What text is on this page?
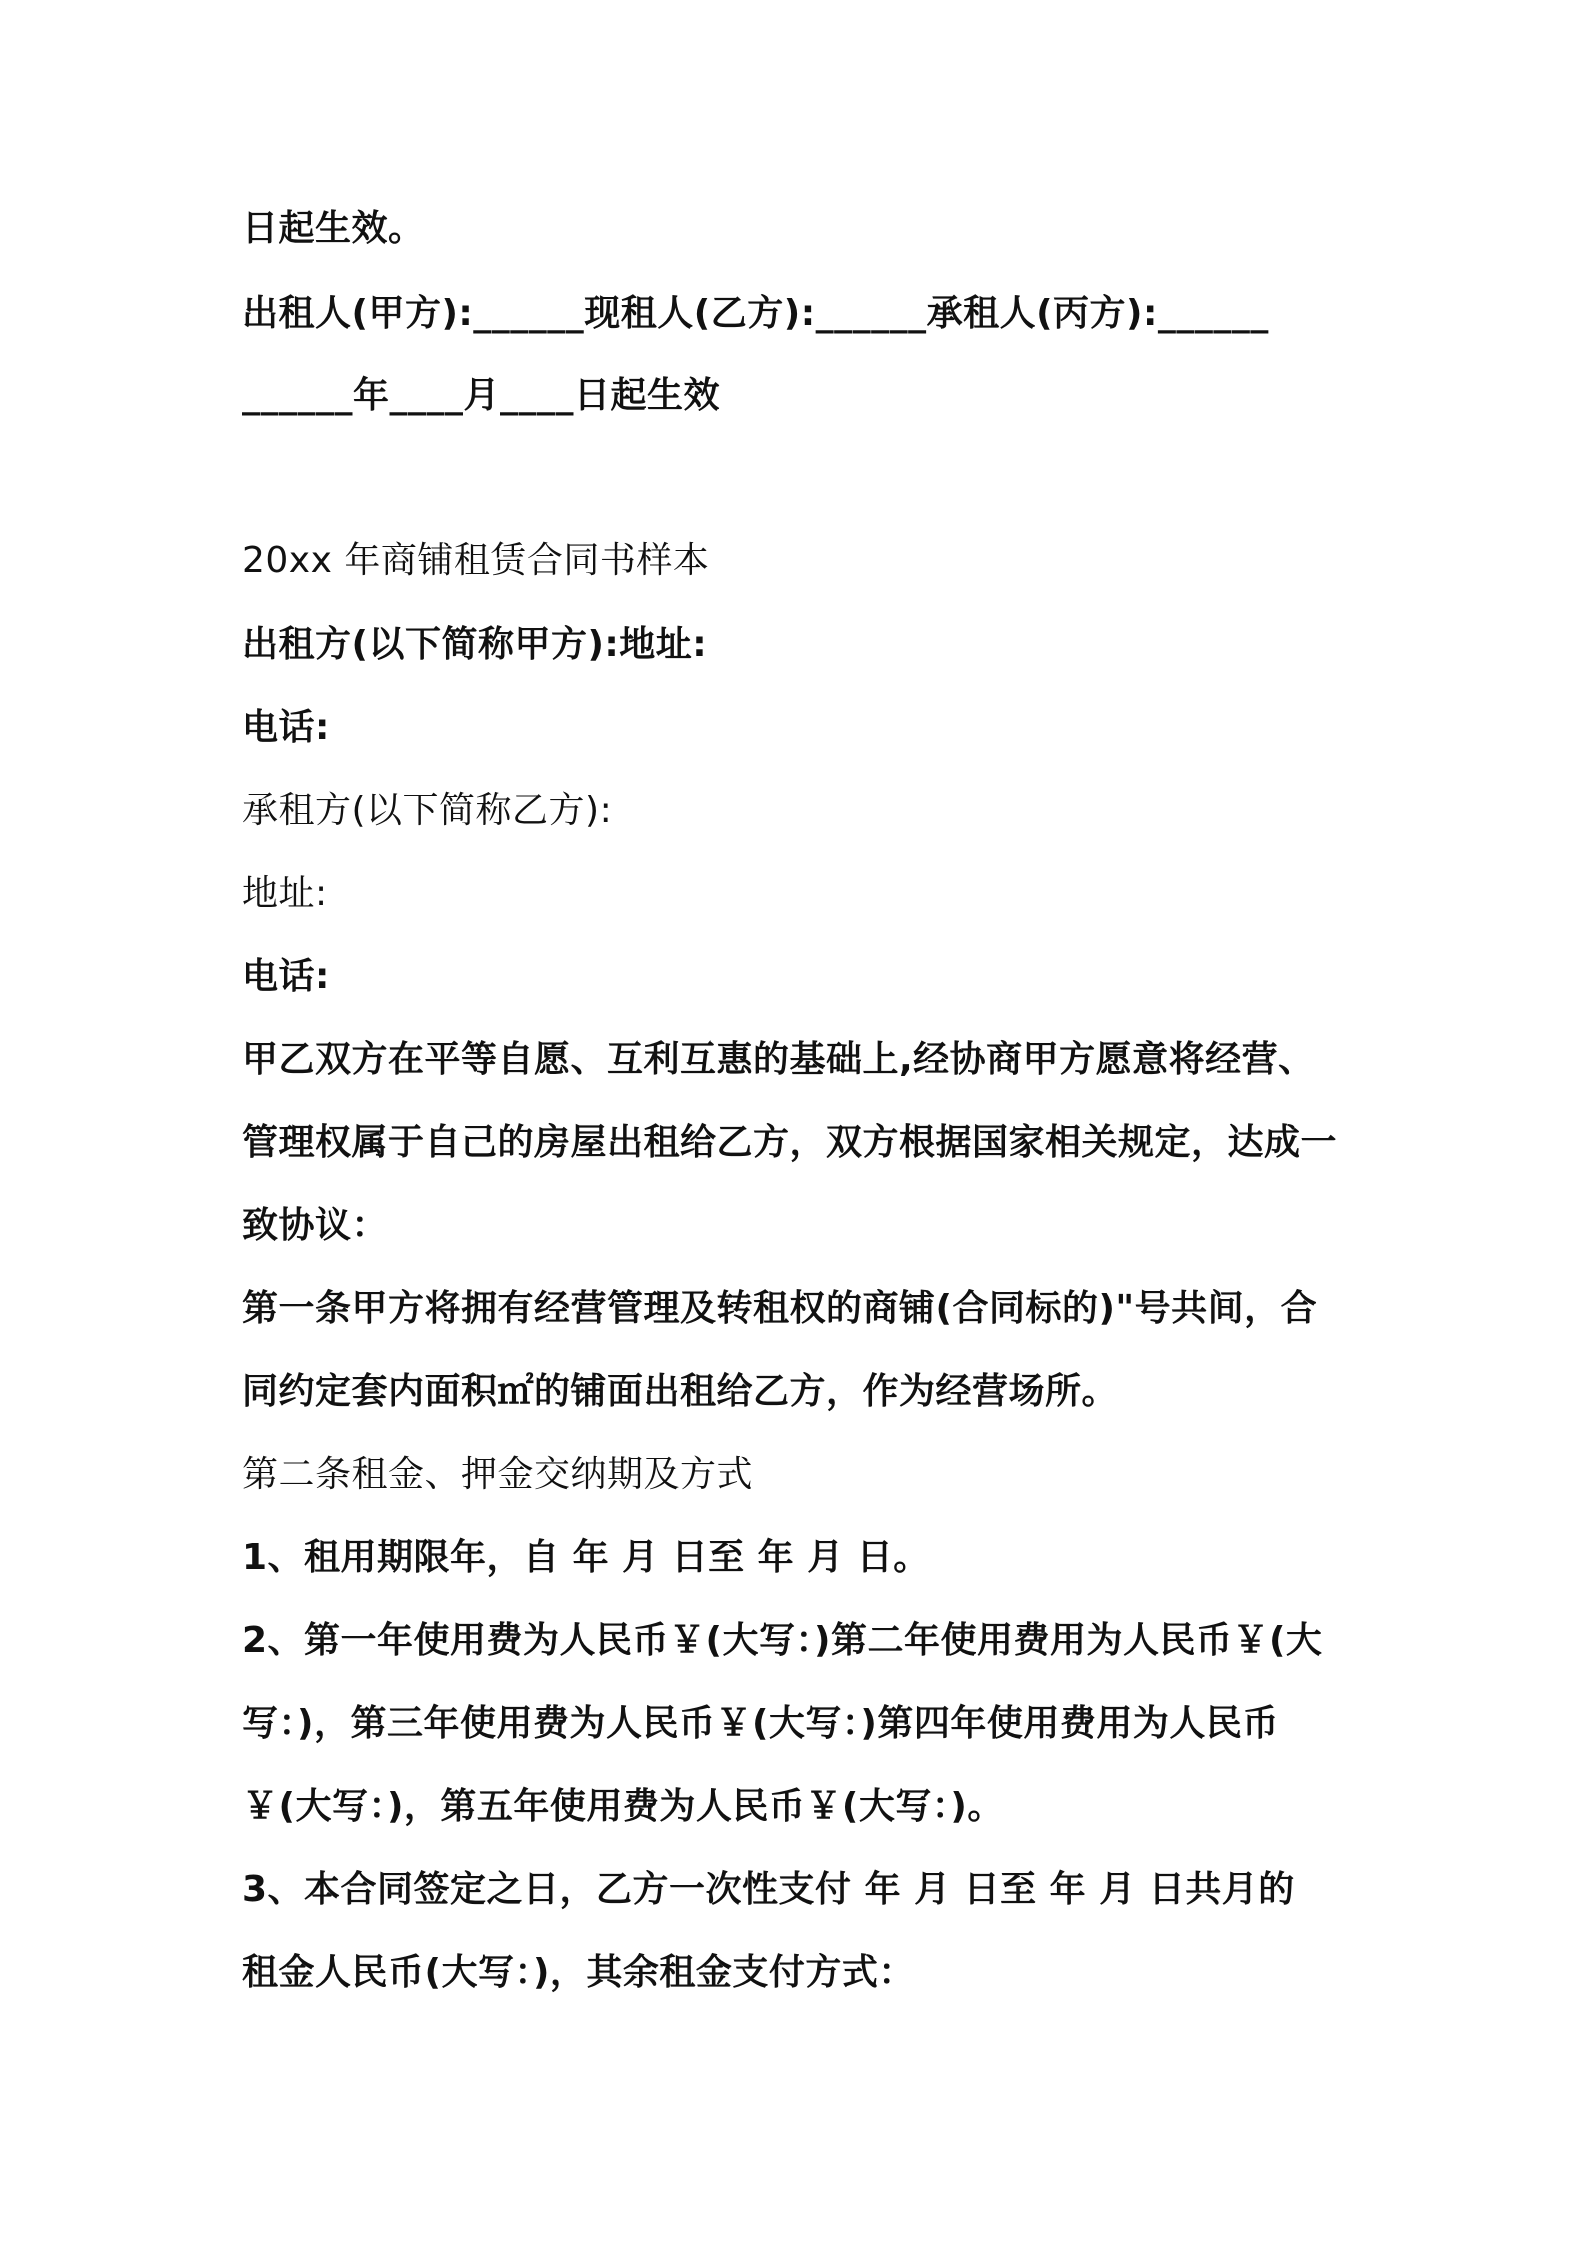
日起生效。
出租人(甲方):______现租人(乙方):______承租人(丙方):______
______年____月____日起生效
20xx 年商铺租赁合同书样本
出租方(以下简称甲方):地址:
电话:
承租方(以下简称乙方):
地址:
电话:
甲乙双方在平等自愿、互利互惠的基础上,经协商甲方愿意将经营、
管理权属于自己的房屋出租给乙方，双方根据国家相关规定，达成一
致协议：
第一条甲方将拥有经营管理及转租权的商铺(合同标的)"号共间，合
同约定套内面积㎡的铺面出租给乙方，作为经营场所。
第二条租金、押金交纳期及方式
1、租用期限年，自 年 月 日至 年 月 日。
2、第一年使用费为人民币￥(大写：)第二年使用费用为人民币￥(大
写：)，第三年使用费为人民币￥(大写：)第四年使用费用为人民币
￥(大写：)，第五年使用费为人民币￥(大写：)。
3、本合同签定之日，乙方一次性支付 年 月 日至 年 月 日共月的
租金人民币(大写：)，其余租金支付方式：
